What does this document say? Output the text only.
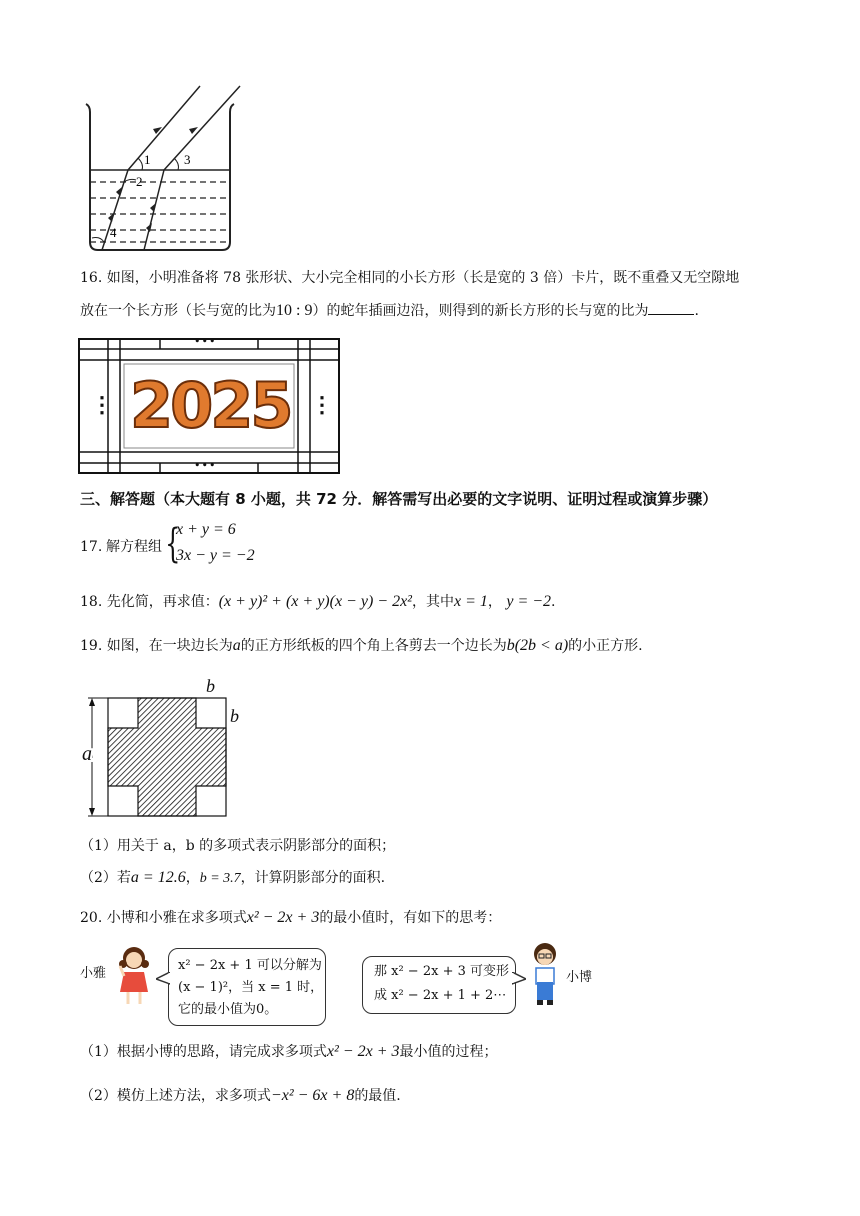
1
2
3
4
16. 如图，小明准备将 78 张形状、大小完全相同的小长方形（长是宽的 3 倍）卡片，既不重叠又无空隙地
放在一个长方形（长与宽的比为10 : 9）的蛇年插画边沿，则得到的新长方形的长与宽的比为	.
•••
•••
⋮	⋮
2025
三、解答题（本大题有 8 小题，共 72 分．解答需写出必要的文字说明、证明过程或演算步骤）
17. 解方程组 {
x + y = 6
3x − y = −2
18. 先化简，再求值：(x + y)² + (x + y)(x − y) − 2x²，其中x = 1， y = −2.
19. 如图，在一块边长为a的正方形纸板的四个角上各剪去一个边长为b(2b < a)的小正方形.
a
b
b
（1）用关于 a，b 的多项式表示阴影部分的面积；
（2）若a = 12.6，b = 3.7，计算阴影部分的面积.
20. 小博和小雅在求多项式x² − 2x + 3的最小值时，有如下的思考：
小雅
x² − 2x + 1 可以分解为
(x − 1)²，当 x = 1 时，
它的最小值为0。
那 x² − 2x + 3 可变形
成 x² − 2x + 1 + 2⋯
小博
（1）根据小博的思路，请完成求多项式x² − 2x + 3最小值的过程；
（2）模仿上述方法，求多项式−x² − 6x + 8的最值.
